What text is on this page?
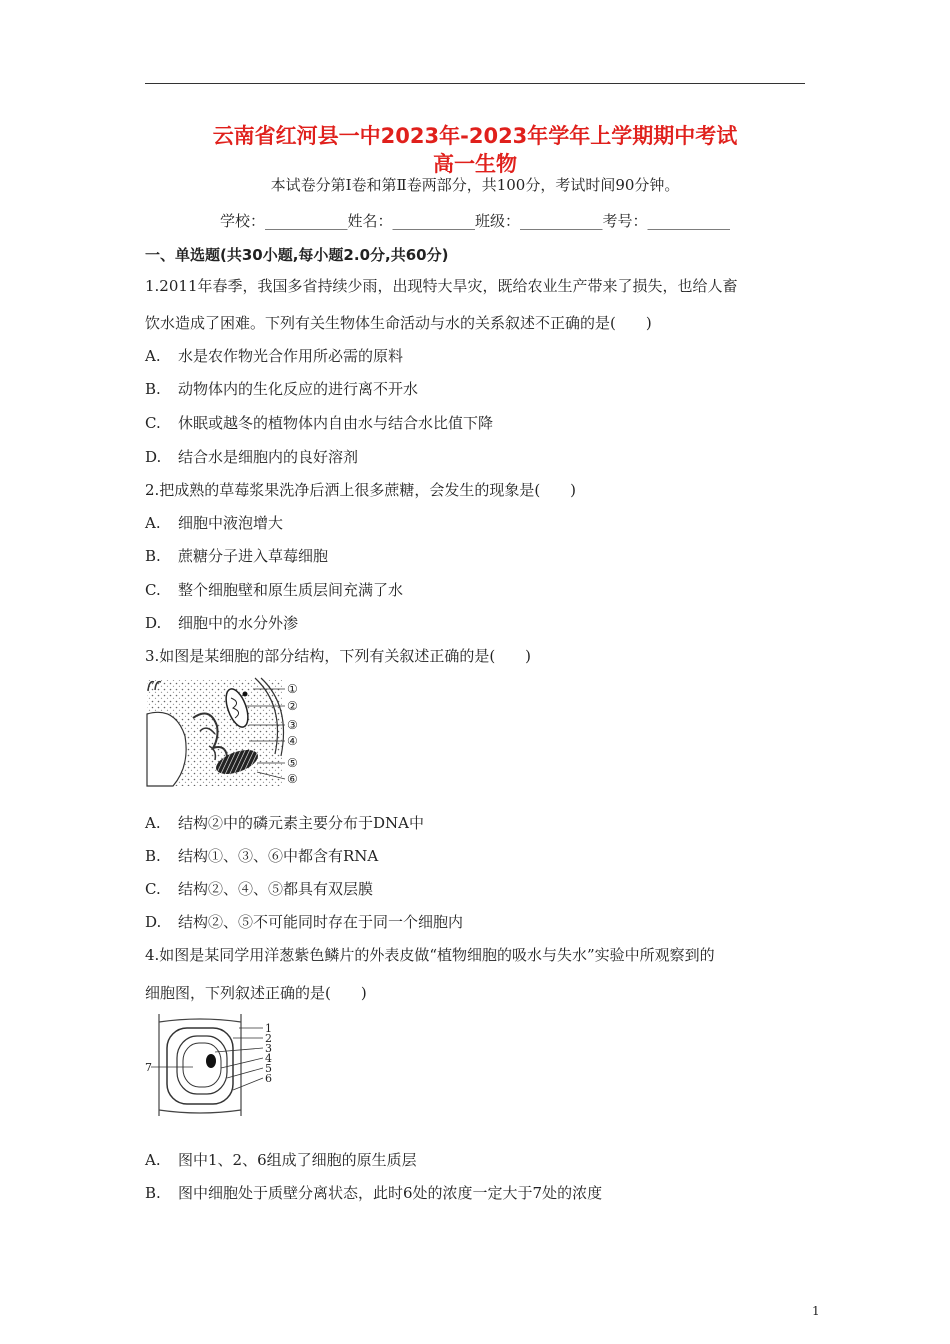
云南省红河县一中2023年-2023年学年上学期期中考试
高一生物
本试卷分第Ⅰ卷和第Ⅱ卷两部分，共100分，考试时间90分钟。
学校：___________姓名：___________班级：___________考号：___________
一、单选题(共30小题,每小题2.0分,共60分)
1.2011年春季，我国多省持续少雨，出现特大旱灾，既给农业生产带来了损失，也给人畜
饮水造成了困难。下列有关生物体生命活动与水的关系叙述不正确的是(　　)
A. 水是农作物光合作用所必需的原料
B. 动物体内的生化反应的进行离不开水
C. 休眠或越冬的植物体内自由水与结合水比值下降
D. 结合水是细胞内的良好溶剂
2.把成熟的草莓浆果洗净后洒上很多蔗糖，会发生的现象是(　　)
A. 细胞中液泡增大
B. 蔗糖分子进入草莓细胞
C. 整个细胞壁和原生质层间充满了水
D. 细胞中的水分外渗
3.如图是某细胞的部分结构，下列有关叙述正确的是(　　)
①
②
③
④
⑤
⑥
A. 结构②中的磷元素主要分布于DNA中
B. 结构①、③、⑥中都含有RNA
C. 结构②、④、⑤都具有双层膜
D. 结构②、⑤不可能同时存在于同一个细胞内
4.如图是某同学用洋葱紫色鳞片的外表皮做“植物细胞的吸水与失水”实验中所观察到的
细胞图，下列叙述正确的是(　　)
1
2
3
4
5
6
7
A. 图中1、2、6组成了细胞的原生质层
B. 图中细胞处于质壁分离状态，此时6处的浓度一定大于7处的浓度
1
